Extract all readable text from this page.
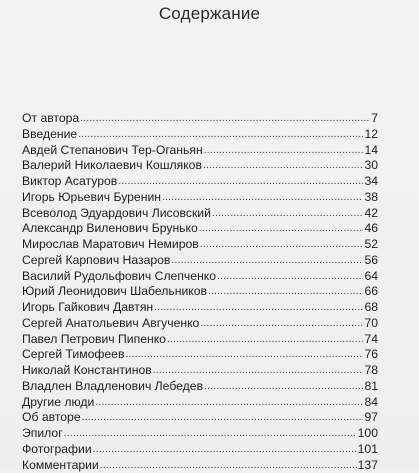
Содержание
От автора .....	7
Введение .....	12
Авдей Степанович Тер-Оганьян .....	14
Валерий Николаевич Кошляков .....	30
Виктор Асатуров .....	34
Игорь Юрьевич Буренин .....	38
Всеволод Эдуардович Лисовский .....	42
Александр Виленович Брунько .....	46
Мирослав Маратович Немиров .....	52
Сергей Карпович Назаров .....	56
Василий Рудольфович Слепченко .....	64
Юрий Леонидович Шабельников .....	66
Игорь Гайкович Давтян .....	68
Сергей Анатольевич Авгученко .....	70
Павел Петрович Пипенко .....	74
Сергей Тимофеев .....	76
Николай Константинов .....	78
Владлен Владленович Лебедев .....	81
Другие люди .....	84
Об авторе .....	97
Эпилог .....	100
Фотографии .....	101
Комментарии .....	137
